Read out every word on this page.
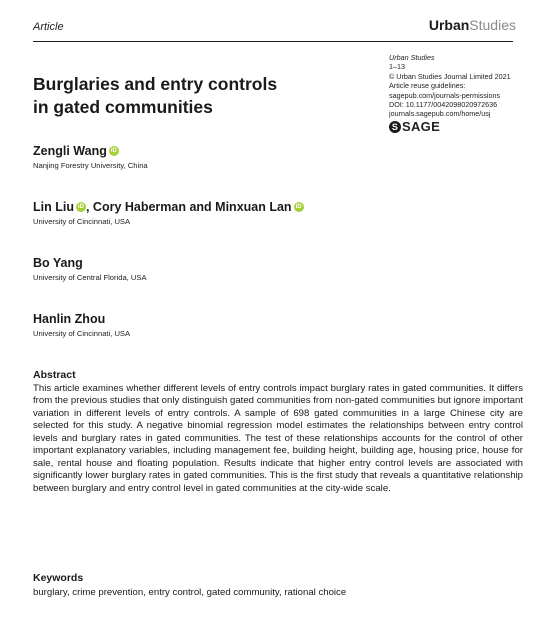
Article	UrbanStudies
Urban Studies
1–13
© Urban Studies Journal Limited 2021
Article reuse guidelines:
sagepub.com/journals-permissions
DOI: 10.1177/0042098020972636
journals.sagepub.com/home/usj
S SAGE
Burglaries and entry controls
in gated communities
Zengli Wang iD
Nanjing Forestry University, China
Lin Liu iD , Cory Haberman and Minxuan Lan iD
University of Cincinnati, USA
Bo Yang
University of Central Florida, USA
Hanlin Zhou
University of Cincinnati, USA
Abstract
This article examines whether different levels of entry controls impact burglary rates in gated communities. It differs from the previous studies that only distinguish gated communities from non-gated communities but ignore important variation in different levels of entry controls. A sample of 698 gated communities in a large Chinese city are selected for this study. A negative binomial regression model estimates the relationships between entry control levels and burglary rates in gated communities. The test of these relationships accounts for the control of other important explanatory variables, including management fee, building height, building age, housing price, house for sale, rental house and floating population. Results indicate that higher entry control levels are associated with significantly lower burglary rates in gated communities. This is the first study that reveals a quantitative relationship between burglary and entry control level in gated communities at the city-wide scale.
Keywords
burglary, crime prevention, entry control, gated community, rational choice
